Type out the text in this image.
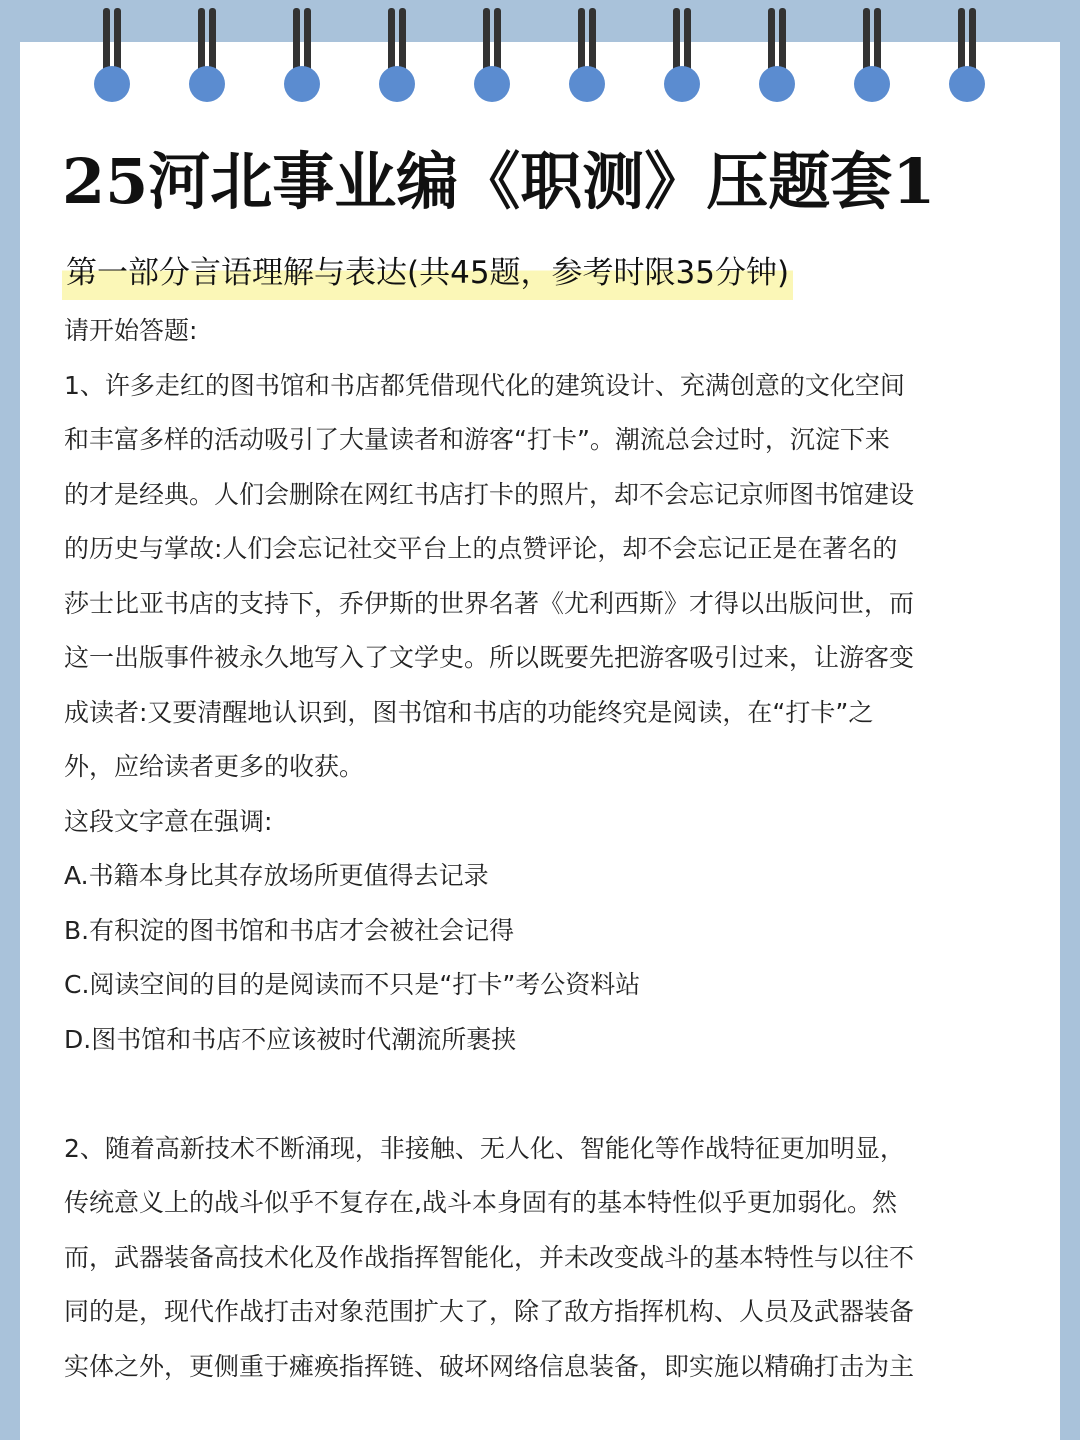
25河北事业编《职测》压题套1
第一部分言语理解与表达(共45题，参考时限35分钟)

请开始答题:

1、许多走红的图书馆和书店都凭借现代化的建筑设计、充满创意的文化空间

和丰富多样的活动吸引了大量读者和游客“打卡”。潮流总会过时，沉淀下来

的才是经典。人们会删除在网红书店打卡的照片，却不会忘记京师图书馆建设

的历史与掌故:人们会忘记社交平台上的点赞评论，却不会忘记正是在著名的

莎士比亚书店的支持下，乔伊斯的世界名著《尤利西斯》才得以出版问世，而

这一出版事件被永久地写入了文学史。所以既要先把游客吸引过来，让游客变

成读者:又要清醒地认识到，图书馆和书店的功能终究是阅读，在“打卡”之

外，应给读者更多的收获。

这段文字意在强调:

A.书籍本身比其存放场所更值得去记录

B.有积淀的图书馆和书店才会被社会记得

C.阅读空间的目的是阅读而不只是“打卡”考公资料站

D.图书馆和书店不应该被时代潮流所裹挟

2、随着高新技术不断涌现，非接触、无人化、智能化等作战特征更加明显，

传统意义上的战斗似乎不复存在,战斗本身固有的基本特性似乎更加弱化。然

而，武器装备高技术化及作战指挥智能化，并未改变战斗的基本特性与以往不

同的是，现代作战打击对象范围扩大了，除了敌方指挥机构、人员及武器装备

实体之外，更侧重于瘫痪指挥链、破坏网络信息装备，即实施以精确打击为主
